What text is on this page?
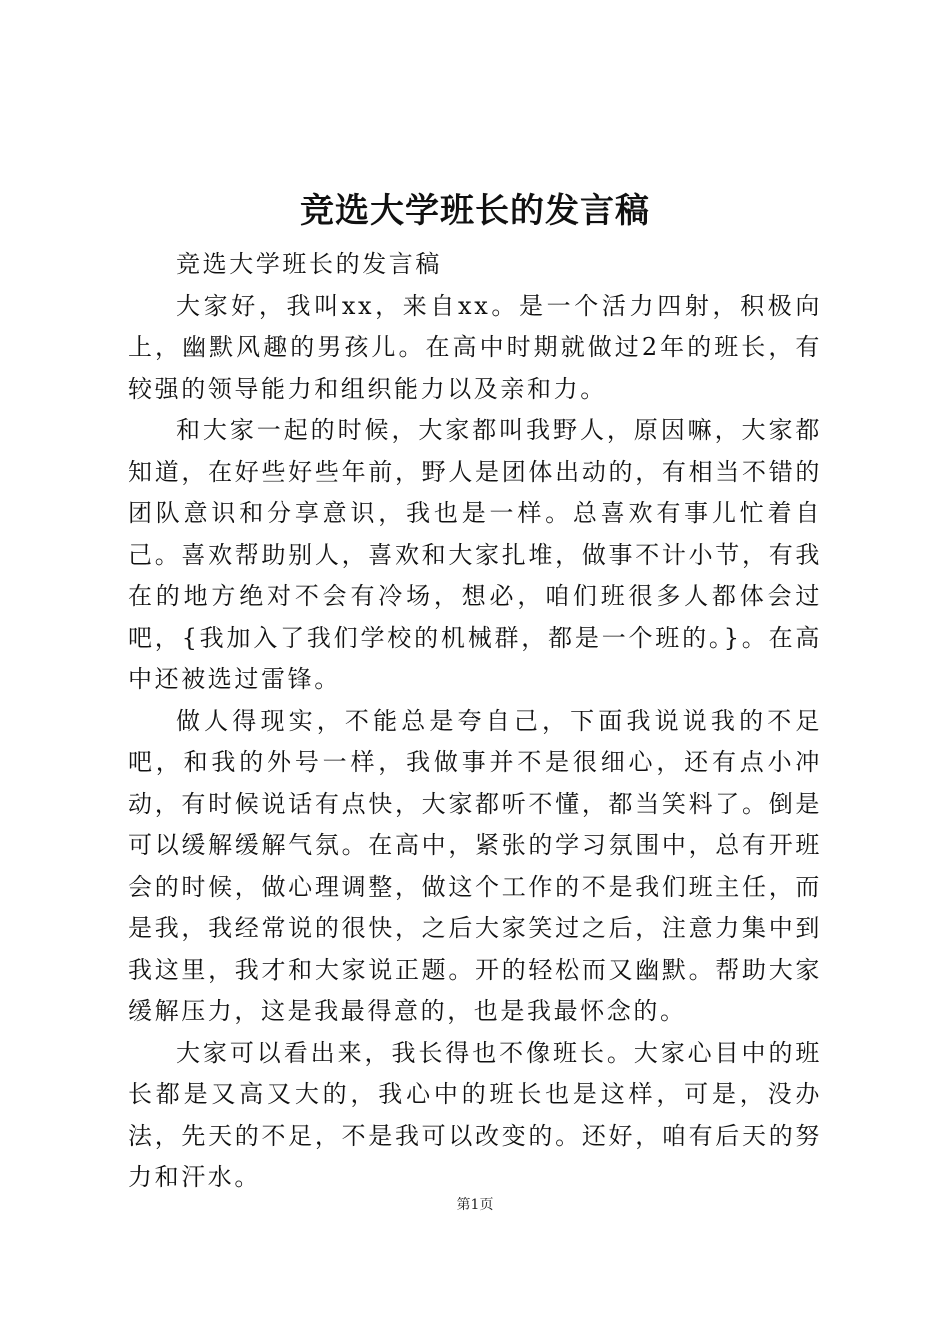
竞选大学班长的发言稿

竞选大学班长的发言稿

大家好，我叫xx，来自xx。是一个活力四射，积极向上，幽默风趣的男孩儿。在高中时期就做过2年的班长，有较强的领导能力和组织能力以及亲和力。

和大家一起的时候，大家都叫我野人，原因嘛，大家都知道，在好些好些年前，野人是团体出动的，有相当不错的团队意识和分享意识，我也是一样。总喜欢有事儿忙着自己。喜欢帮助别人，喜欢和大家扎堆，做事不计小节，有我在的地方绝对不会有冷场，想必，咱们班很多人都体会过吧，{我加入了我们学校的机械群，都是一个班的。}。在高中还被选过雷锋。

做人得现实，不能总是夸自己，下面我说说我的不足吧，和我的外号一样，我做事并不是很细心，还有点小冲动，有时候说话有点快，大家都听不懂，都当笑料了。倒是可以缓解缓解气氛。在高中，紧张的学习氛围中，总有开班会的时候，做心理调整，做这个工作的不是我们班主任，而是我，我经常说的很快，之后大家笑过之后，注意力集中到我这里，我才和大家说正题。开的轻松而又幽默。帮助大家缓解压力，这是我最得意的，也是我最怀念的。

大家可以看出来，我长得也不像班长。大家心目中的班长都是又高又大的，我心中的班长也是这样，可是，没办法，先天的不足，不是我可以改变的。还好，咱有后天的努力和汗水。

第1页
